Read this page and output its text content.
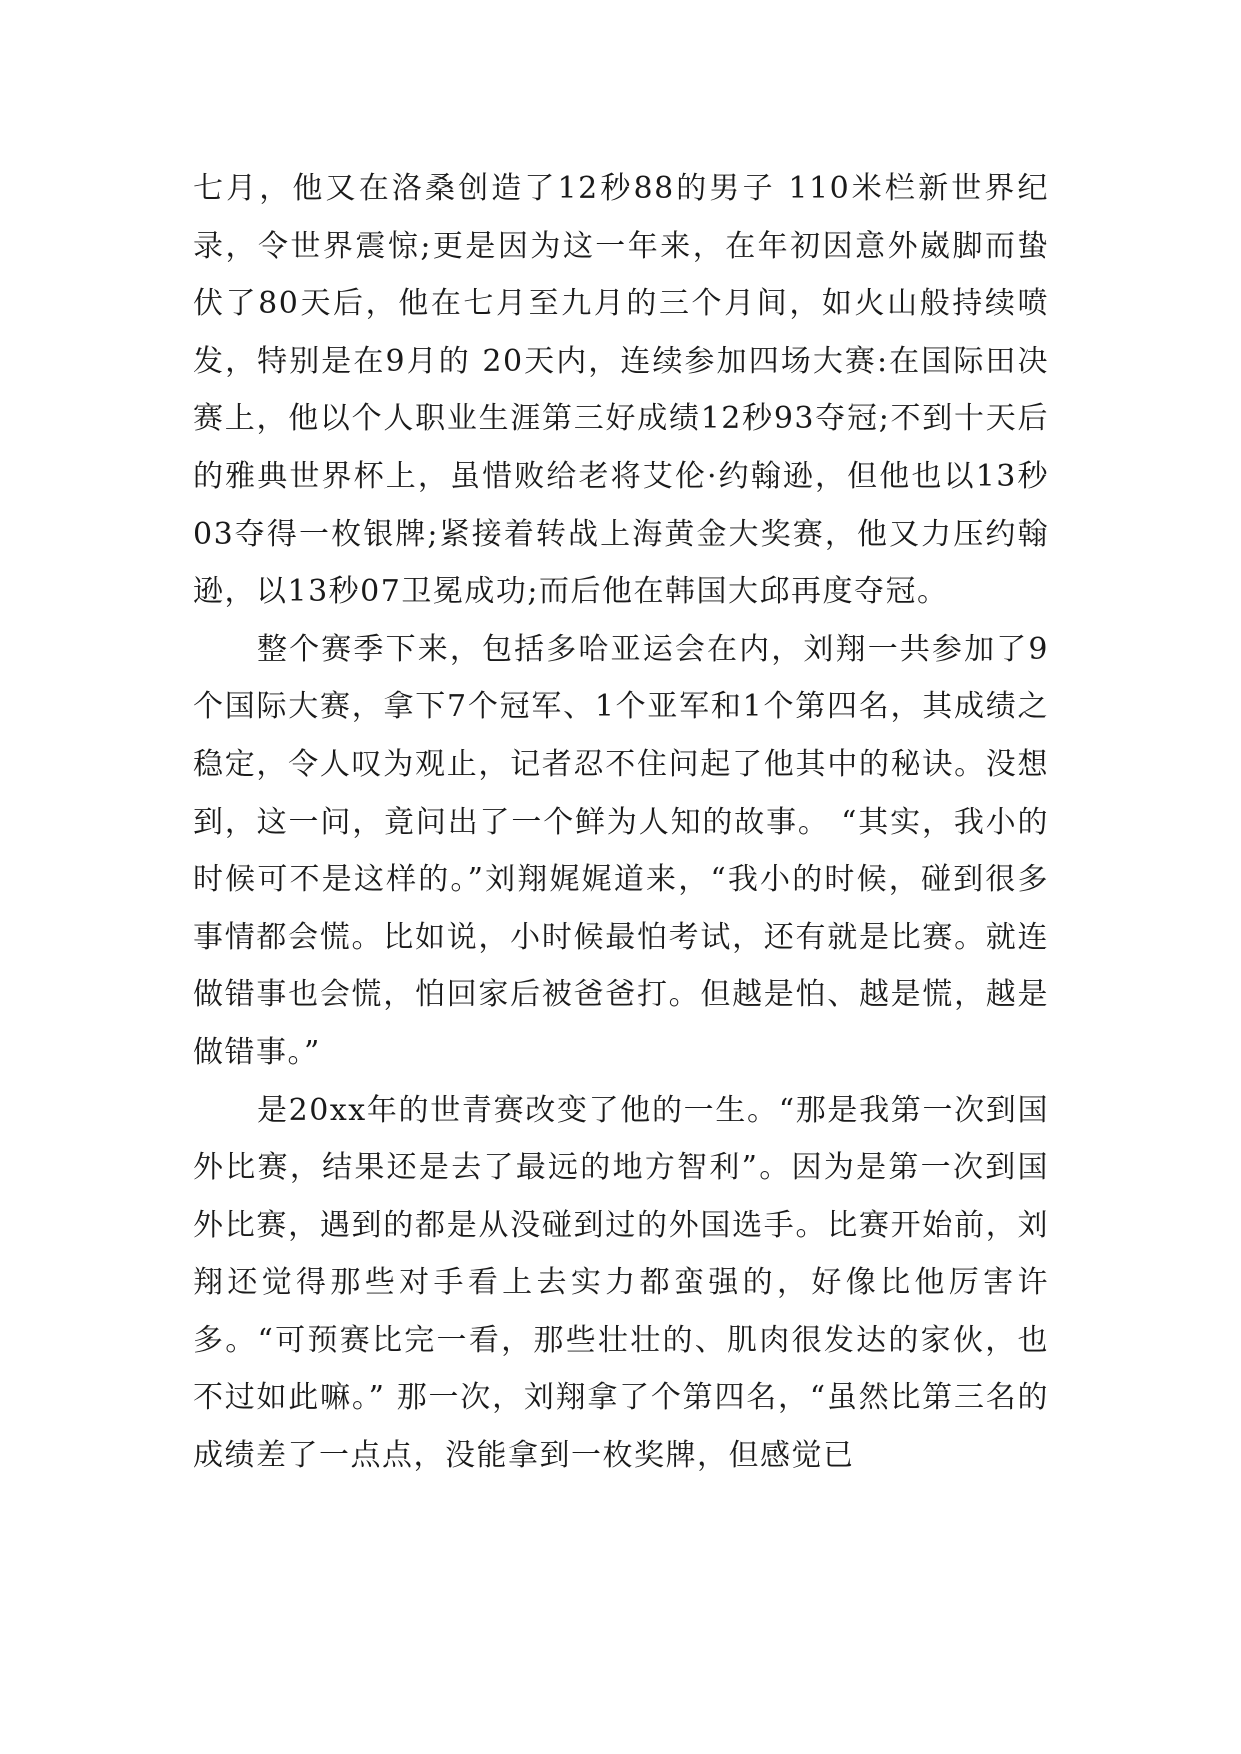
七月，他又在洛桑创造了12秒88的男子 110米栏新世界纪录，令世界震惊;更是因为这一年来，在年初因意外崴脚而蛰伏了80天后，他在七月至九月的三个月间，如火山般持续喷发，特别是在9月的 20天内，连续参加四场大赛:在国际田决赛上，他以个人职业生涯第三好成绩12秒93夺冠;不到十天后的雅典世界杯上，虽惜败给老将艾伦·约翰逊，但他也以13秒03夺得一枚银牌;紧接着转战上海黄金大奖赛，他又力压约翰逊，以13秒07卫冕成功;而后他在韩国大邱再度夺冠。

整个赛季下来，包括多哈亚运会在内，刘翔一共参加了9个国际大赛，拿下7个冠军、1个亚军和1个第四名，其成绩之稳定，令人叹为观止，记者忍不住问起了他其中的秘诀。没想到，这一问，竟问出了一个鲜为人知的故事。 “其实，我小的时候可不是这样的。”刘翔娓娓道来，“我小的时候，碰到很多事情都会慌。比如说，小时候最怕考试，还有就是比赛。就连做错事也会慌，怕回家后被爸爸打。但越是怕、越是慌，越是做错事。”

是20xx年的世青赛改变了他的一生。“那是我第一次到国外比赛，结果还是去了最远的地方智利”。因为是第一次到国外比赛，遇到的都是从没碰到过的外国选手。比赛开始前，刘翔还觉得那些对手看上去实力都蛮强的，好像比他厉害许多。“可预赛比完一看，那些壮壮的、肌肉很发达的家伙，也不过如此嘛。” 那一次，刘翔拿了个第四名，“虽然比第三名的成绩差了一点点，没能拿到一枚奖牌，但感觉已
